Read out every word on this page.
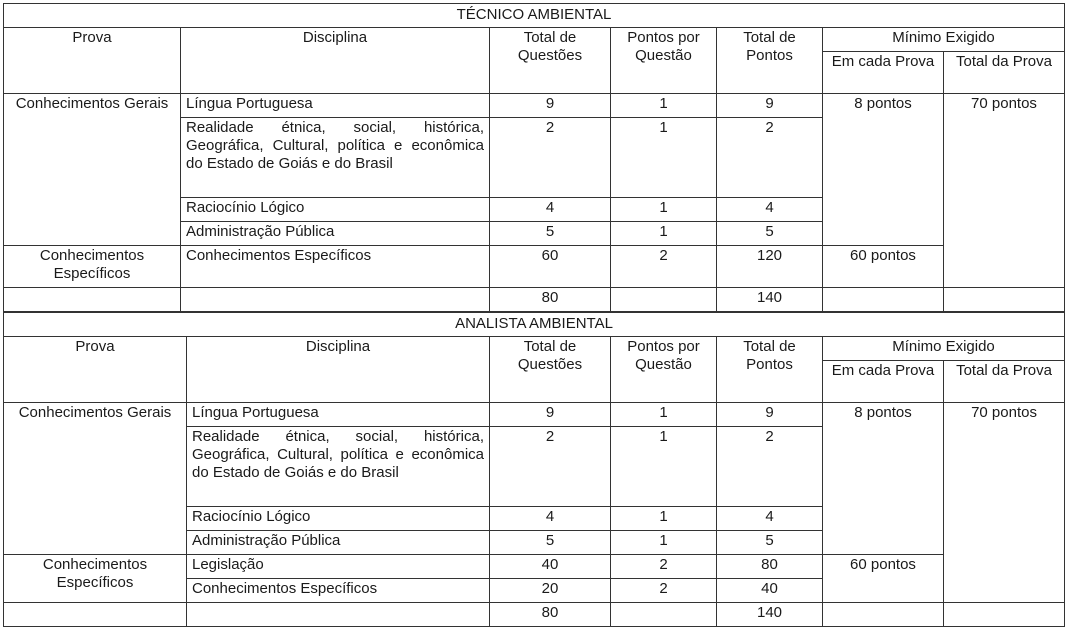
TÉCNICO AMBIENTAL						
Prova	Disciplina	Total de Questões	Pontos por Questão	Total de Pontos	Mínimo Exigido	
					Em cada Prova	Total da Prova
Conhecimentos Gerais	Língua Portuguesa	9	1	9	8 pontos	70 pontos
	Realidade étnica, social, histórica, Geográfica, Cultural, política e econômica do Estado de Goiás e do Brasil	2	1	2		
	Raciocínio Lógico	4	1	4		
	Administração Pública	5	1	5		
Conhecimentos Específicos	Conhecimentos Específicos	60	2	120	60 pontos	
		80		140		
ANALISTA AMBIENTAL						
Prova	Disciplina	Total de Questões	Pontos por Questão	Total de Pontos	Mínimo Exigido	
					Em cada Prova	Total da Prova
Conhecimentos Gerais	Língua Portuguesa	9	1	9	8 pontos	70 pontos
	Realidade étnica, social, histórica, Geográfica, Cultural, política e econômica do Estado de Goiás e do Brasil	2	1	2		
	Raciocínio Lógico	4	1	4		
	Administração Pública	5	1	5		
Conhecimentos Específicos	Legislação	40	2	80	60 pontos	
	Conhecimentos Específicos	20	2	40		
		80		140		
